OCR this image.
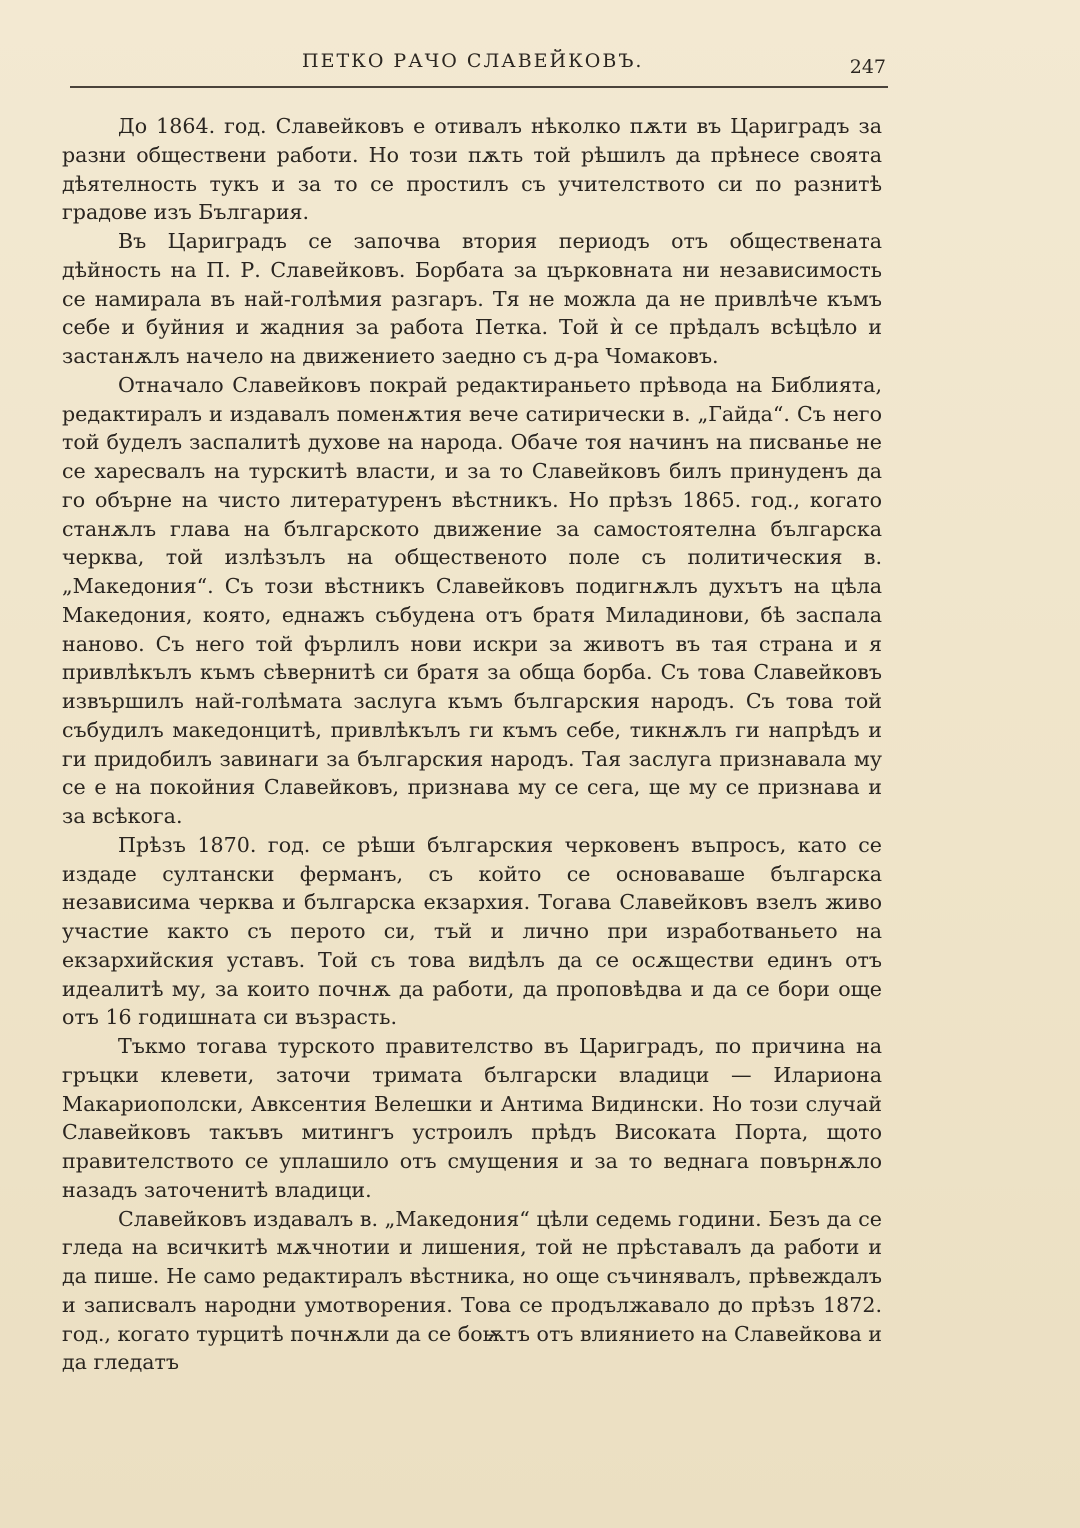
ПЕТКО РАЧО СЛАВЕЙКОВЪ.	247

До 1864. год. Славейковъ е отивалъ нѣколко пѫти въ Цариградъ за разни обществени работи. Но този пѫть той рѣшилъ да прѣнесе своята дѣятелность тукъ и за то се простилъ съ учителството си по разнитѣ градове изъ България.

Въ Цариградъ се започва втория периодъ отъ обществената дѣйность на П. Р. Славейковъ. Борбата за църковната ни независимость се намирала въ най-голѣмия разгаръ. Тя не можла да не привлѣче къмъ себе и буйния и жадния за работа Петка. Той ѝ се прѣдалъ всѣцѣло и застанѫлъ начело на движението заедно съ д-ра Чомаковъ.

Отначало Славейковъ покрай редактираньето прѣвода на Библията, редактиралъ и издавалъ поменѫтия вече сатирически в. „Гайда“. Съ него той буделъ заспалитѣ духове на народа. Обаче тоя начинъ на писванье не се харесвалъ на турскитѣ власти, и за то Славейковъ билъ принуденъ да го обърне на чисто литературенъ вѣстникъ. Но прѣзъ 1865. год., когато станѫлъ глава на българското движение за самостоятелна българска черква, той излѣзълъ на общественото поле съ политическия в. „Македония“. Съ този вѣстникъ Славейковъ подигнѫлъ духътъ на цѣла Македония, която, еднажъ събудена отъ братя Миладинови, бѣ заспала наново. Съ него той фърлилъ нови искри за животъ въ тая страна и я привлѣкълъ къмъ сѣвернитѣ си братя за обща борба. Съ това Славейковъ извършилъ най-голѣмата заслуга къмъ българския народъ. Съ това той събудилъ македонцитѣ, привлѣкълъ ги къмъ себе, тикнѫлъ ги напрѣдъ и ги придобилъ завинаги за българския народъ. Тая заслуга признавала му се е на покойния Славейковъ, признава му се сега, ще му се признава и за всѣкога.

Прѣзъ 1870. год. се рѣши българския черковенъ въпросъ, като се издаде султански ферманъ, съ който се основаваше българска независима черква и българска екзархия. Тогава Славейковъ взелъ живо участие както съ перото си, тъй и лично при изработваньето на екзархийския уставъ. Той съ това видѣлъ да се осѫществи единъ отъ идеалитѣ му, за които почнѫ да работи, да проповѣдва и да се бори още отъ 16 годишната си възрасть.

Тъкмо тогава турското правителство въ Цариградъ, по причина на гръцки клевети, заточи тримата български владици — Илариона Макариополски, Авксентия Велешки и Антима Видински. Но този случай Славейковъ такъвъ митингъ устроилъ прѣдъ Високата Порта, щото правителството се уплашило отъ смущения и за то веднага повърнѫло назадъ заточенитѣ владици.

Славейковъ издавалъ в. „Македония“ цѣли седемь години. Безъ да се гледа на всичкитѣ мѫчнотии и лишения, той не прѣставалъ да работи и да пише. Не само редактиралъ вѣстника, но още съчинявалъ, прѣвеждалъ и записвалъ народни умотворения. Това се продължавало до прѣзъ 1872. год., когато турцитѣ почнѫли да се боѭтъ отъ влиянието на Славейкова и да гледатъ
